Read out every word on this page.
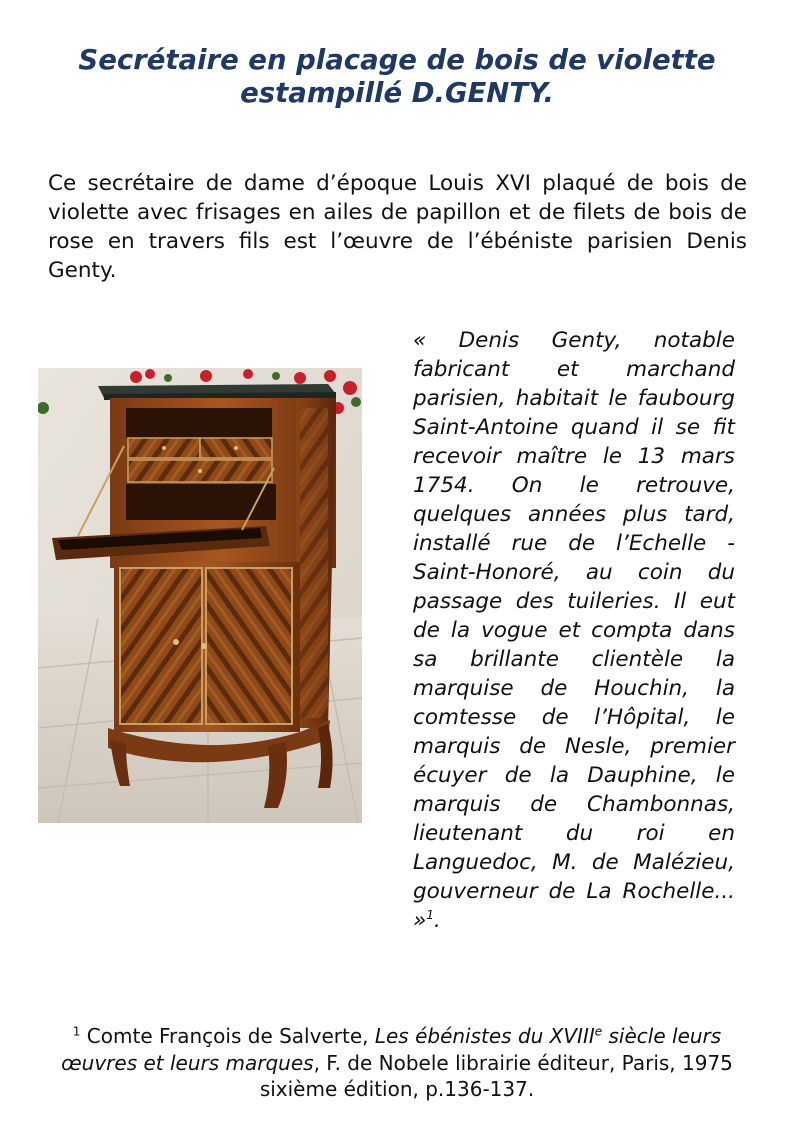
Secrétaire en placage de bois de violette
estampillé D.GENTY.

Ce secrétaire de dame d’époque Louis XVI plaqué de bois de violette avec frisages en ailes de papillon et de filets de bois de rose en travers fils est l’œuvre de l’ébéniste parisien Denis Genty.

« Denis Genty, notable fabricant et marchand parisien, habitait le faubourg Saint-Antoine quand il se fit recevoir maître le 13 mars 1754. On le retrouve, quelques années plus tard, installé rue de l’Echelle -Saint-Honoré, au coin du passage des tuileries. Il eut de la vogue et compta dans sa brillante clientèle la marquise de Houchin, la comtesse de l’Hôpital, le marquis de Nesle, premier écuyer de la Dauphine, le marquis de Chambonnas, lieutenant du roi en Languedoc, M. de Malézieu, gouverneur de La Rochelle... »$^1$.

$^1$ Comte François de Salverte, Les ébénistes du XVIIIe siècle leurs œuvres et leurs marques, F. de Nobele librairie éditeur, Paris, 1975 sixième édition, p.136-137.
